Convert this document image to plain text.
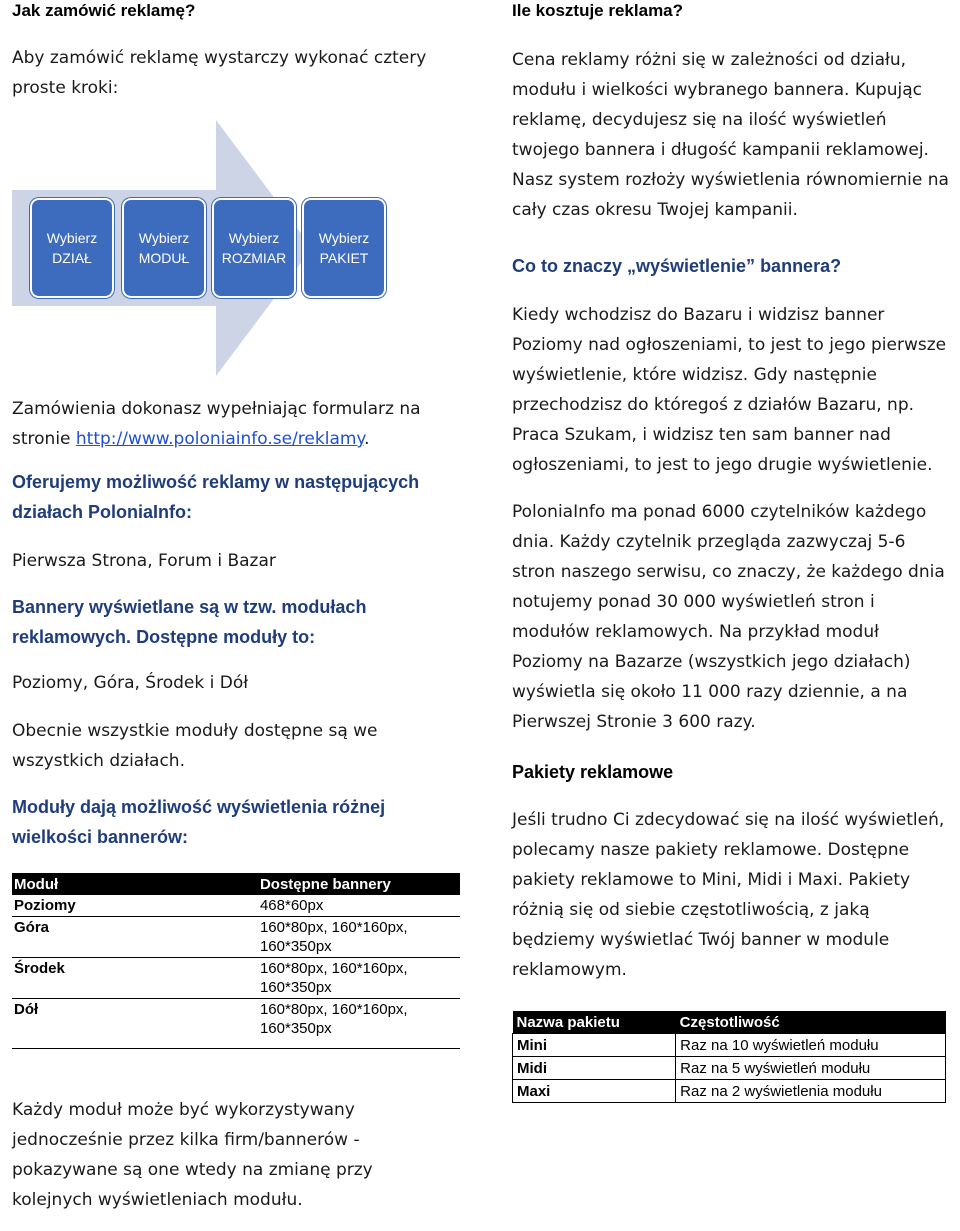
Jak zamówić reklamę?

Aby zamówić reklamę wystarczy wykonać cztery proste kroki:

Wybierz DZIAŁ
Wybierz MODUŁ
Wybierz ROZMIAR
Wybierz PAKIET

Zamówienia dokonasz wypełniając formularz na stronie http://www.poloniainfo.se/reklamy.

Oferujemy możliwość reklamy w następujących działach PoloniaInfo:

Pierwsza Strona, Forum i Bazar

Bannery wyświetlane są w tzw. modułach reklamowych. Dostępne moduły to:

Poziomy, Góra, Środek i Dół

Obecnie wszystkie moduły dostępne są we wszystkich działach.

Moduły dają możliwość wyświetlenia różnej wielkości bannerów:

Moduł	Dostępne bannery
Poziomy	468*60px
Góra	160*80px, 160*160px, 160*350px
Środek	160*80px, 160*160px, 160*350px
Dół	160*80px, 160*160px, 160*350px

Każdy moduł może być wykorzystywany jednocześnie przez kilka firm/bannerów - pokazywane są one wtedy na zmianę przy kolejnych wyświetleniach modułu.

Ile kosztuje reklama?

Cena reklamy różni się w zależności od działu, modułu i wielkości wybranego bannera. Kupując reklamę, decydujesz się na ilość wyświetleń twojego bannera i długość kampanii reklamowej. Nasz system rozłoży wyświetlenia równomiernie na cały czas okresu Twojej kampanii.

Co to znaczy „wyświetlenie” bannera?

Kiedy wchodzisz do Bazaru i widzisz banner Poziomy nad ogłoszeniami, to jest to jego pierwsze wyświetlenie, które widzisz. Gdy następnie przechodzisz do któregoś z działów Bazaru, np. Praca Szukam, i widzisz ten sam banner nad ogłoszeniami, to jest to jego drugie wyświetlenie.

PoloniaInfo ma ponad 6000 czytelników każdego dnia. Każdy czytelnik przegląda zazwyczaj 5-6 stron naszego serwisu, co znaczy, że każdego dnia notujemy ponad 30 000 wyświetleń stron i modułów reklamowych. Na przykład moduł Poziomy na Bazarze (wszystkich jego działach) wyświetla się około 11 000 razy dziennie, a na Pierwszej Stronie 3 600 razy.

Pakiety reklamowe

Jeśli trudno Ci zdecydować się na ilość wyświetleń, polecamy nasze pakiety reklamowe. Dostępne pakiety reklamowe to Mini, Midi i Maxi. Pakiety różnią się od siebie częstotliwością, z jaką będziemy wyświetlać Twój banner w module reklamowym.

Nazwa pakietu	Częstotliwość
Mini	Raz na 10 wyświetleń modułu
Midi	Raz na 5 wyświetleń modułu
Maxi	Raz na 2 wyświetlenia modułu
